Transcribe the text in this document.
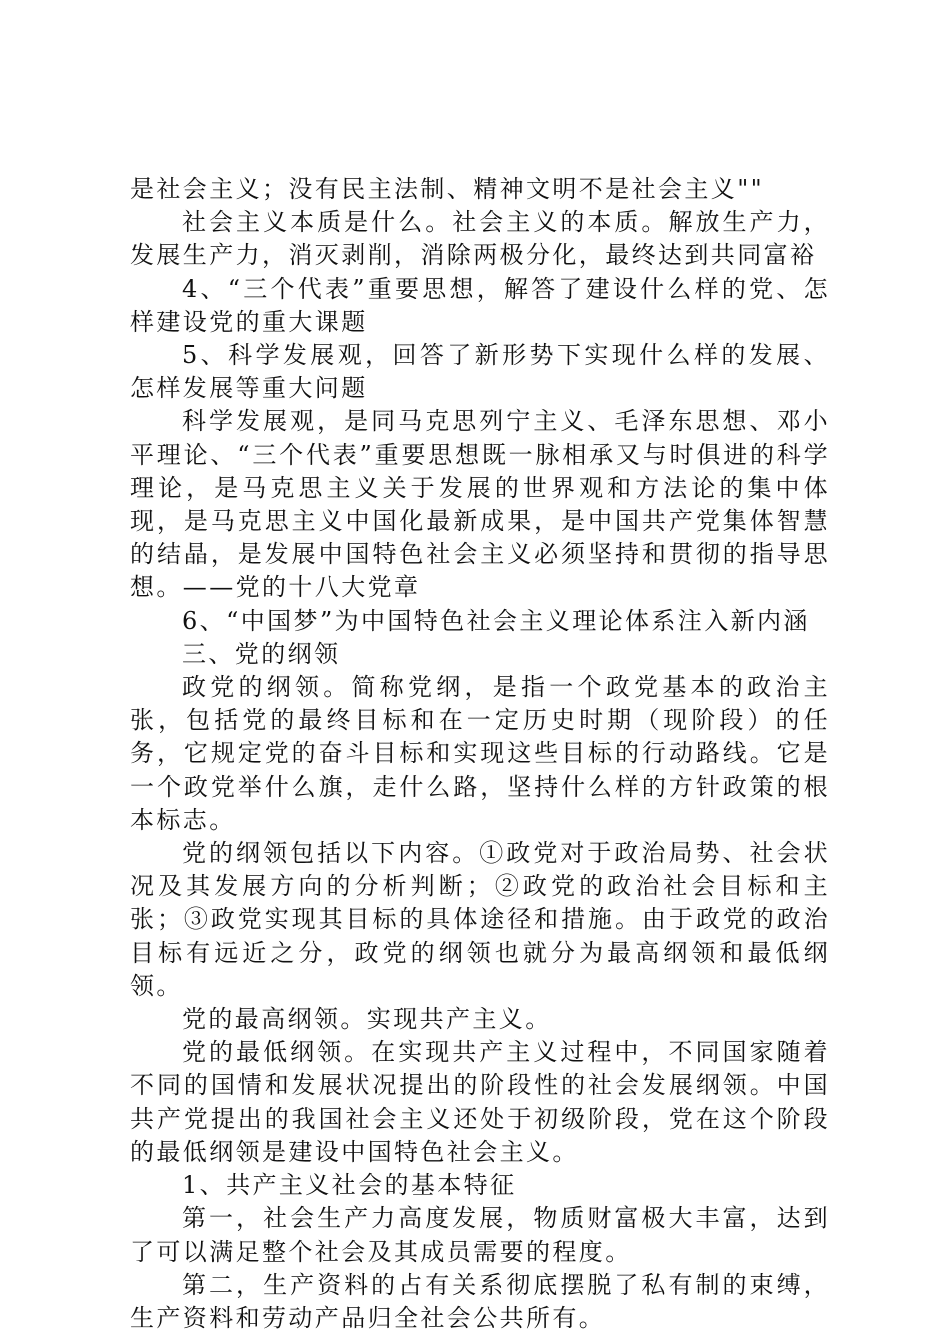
是社会主义；没有民主法制、精神文明不是社会主义""

社会主义本质是什么。社会主义的本质。解放生产力，发展生产力，消灭剥削，消除两极分化，最终达到共同富裕

4、“三个代表”重要思想，解答了建设什么样的党、怎样建设党的重大课题

5、科学发展观，回答了新形势下实现什么样的发展、怎样发展等重大问题

科学发展观，是同马克思列宁主义、毛泽东思想、邓小平理论、“三个代表”重要思想既一脉相承又与时俱进的科学理论，是马克思主义关于发展的世界观和方法论的集中体现，是马克思主义中国化最新成果，是中国共产党集体智慧的结晶，是发展中国特色社会主义必须坚持和贯彻的指导思想。——党的十八大党章

6、“中国梦”为中国特色社会主义理论体系注入新内涵

三、党的纲领

政党的纲领。简称党纲，是指一个政党基本的政治主张，包括党的最终目标和在一定历史时期（现阶段）的任务，它规定党的奋斗目标和实现这些目标的行动路线。它是一个政党举什么旗，走什么路，坚持什么样的方针政策的根本标志。

党的纲领包括以下内容。①政党对于政治局势、社会状况及其发展方向的分析判断；②政党的政治社会目标和主张；③政党实现其目标的具体途径和措施。由于政党的政治目标有远近之分，政党的纲领也就分为最高纲领和最低纲领。

党的最高纲领。实现共产主义。

党的最低纲领。在实现共产主义过程中，不同国家随着不同的国情和发展状况提出的阶段性的社会发展纲领。中国共产党提出的我国社会主义还处于初级阶段，党在这个阶段的最低纲领是建设中国特色社会主义。

1、共产主义社会的基本特征

第一，社会生产力高度发展，物质财富极大丰富，达到了可以满足整个社会及其成员需要的程度。

第二，生产资料的占有关系彻底摆脱了私有制的束缚，生产资料和劳动产品归全社会公共所有。
